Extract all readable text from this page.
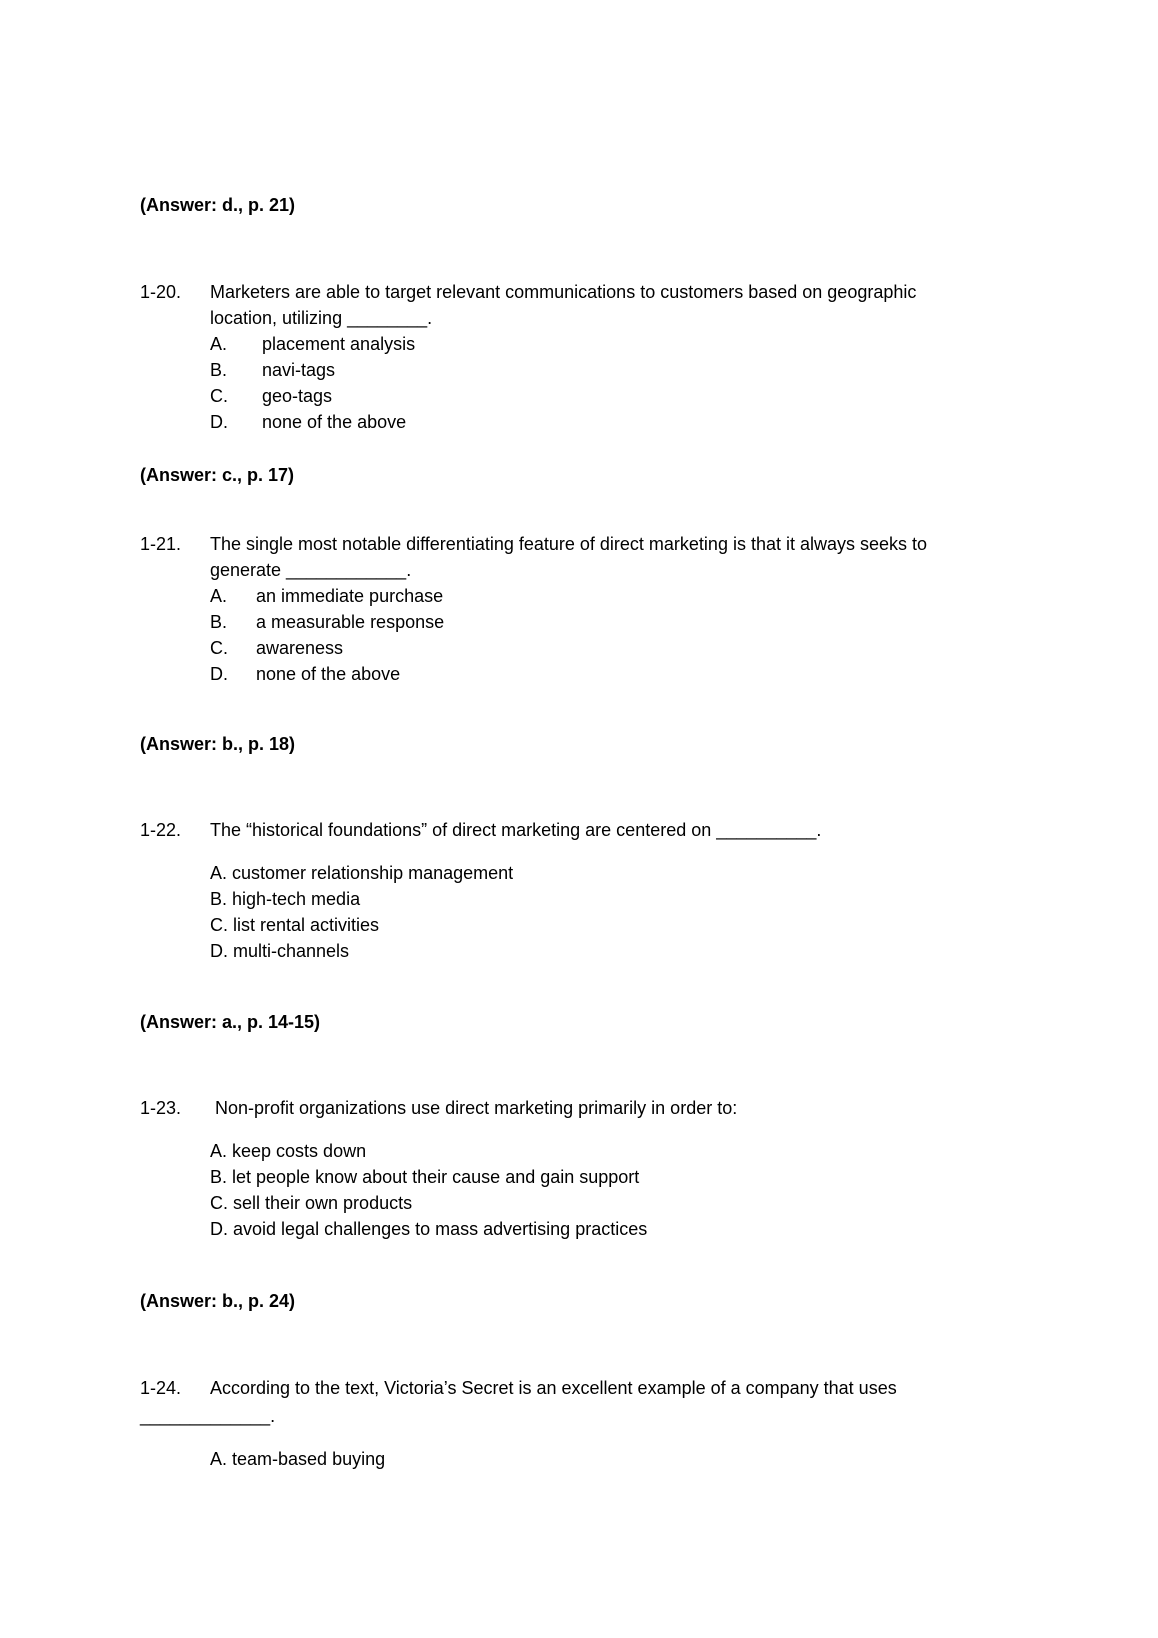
(Answer: d., p. 21)
1-20. Marketers are able to target relevant communications to customers based on geographic
location, utilizing ________.
A. placement analysis
B. navi-tags
C. geo-tags
D. none of the above
(Answer: c., p. 17)
1-21. The single most notable differentiating feature of direct marketing is that it always seeks to
generate ____________.
A. an immediate purchase
B. a measurable response
C. awareness
D. none of the above
(Answer: b., p. 18)
1-22. The “historical foundations” of direct marketing are centered on __________.
A. customer relationship management
B. high-tech media
C. list rental activities
D. multi-channels
(Answer: a., p. 14-15)
1-23. Non-profit organizations use direct marketing primarily in order to:
A. keep costs down
B. let people know about their cause and gain support
C. sell their own products
D. avoid legal challenges to mass advertising practices
(Answer: b., p. 24)
1-24. According to the text, Victoria’s Secret is an excellent example of a company that uses
_____________.
A. team-based buying
